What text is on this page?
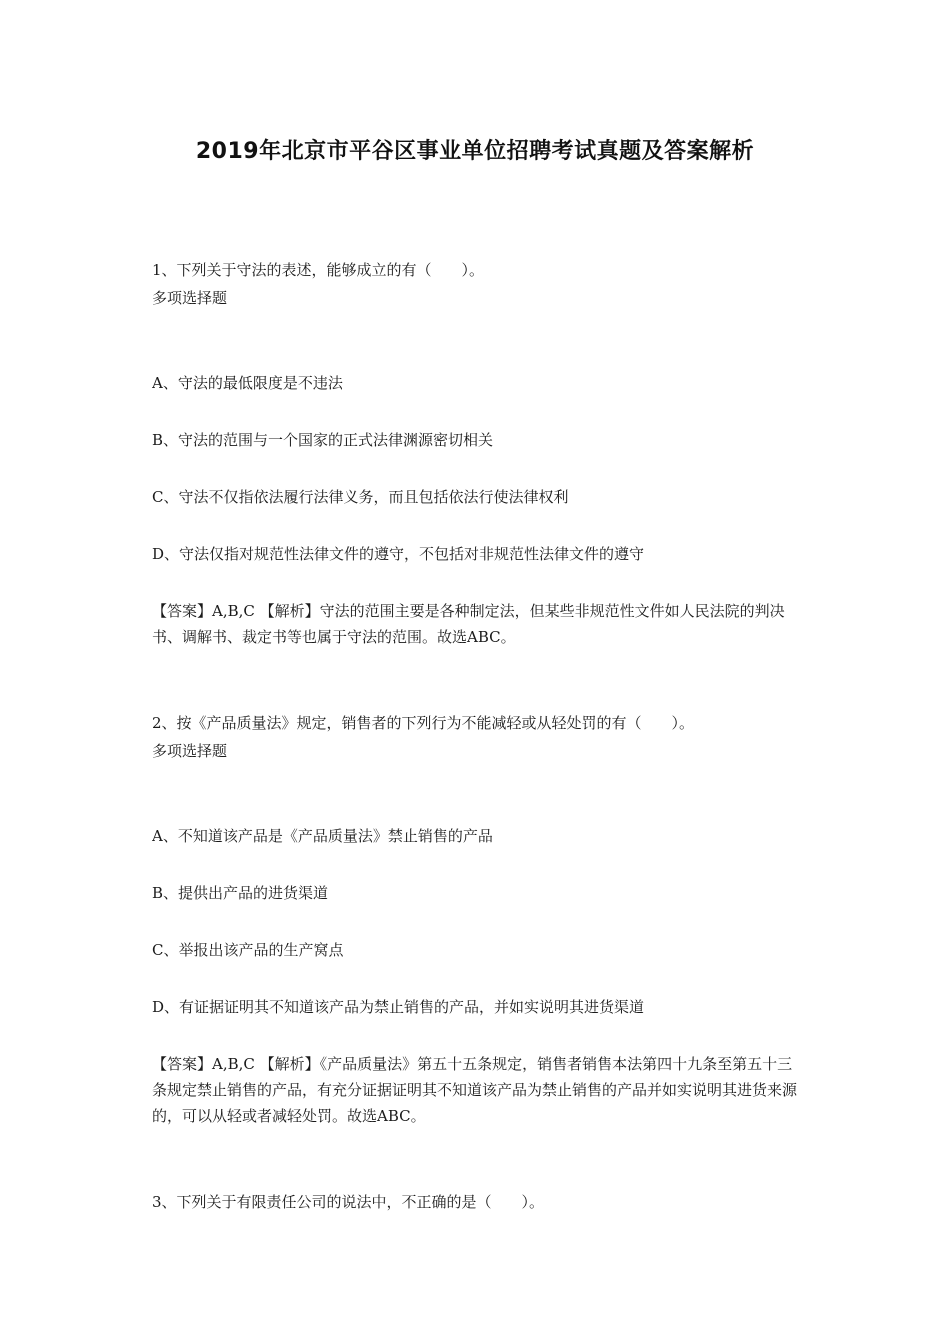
2019年北京市平谷区事业单位招聘考试真题及答案解析
1、下列关于守法的表述，能够成立的有（　　）。
多项选择题
A、守法的最低限度是不违法
B、守法的范围与一个国家的正式法律渊源密切相关
C、守法不仅指依法履行法律义务，而且包括依法行使法律权利
D、守法仅指对规范性法律文件的遵守，不包括对非规范性法律文件的遵守
【答案】A,B,C 【解析】守法的范围主要是各种制定法，但某些非规范性文件如人民法院的判决书、调解书、裁定书等也属于守法的范围。故选ABC。
2、按《产品质量法》规定，销售者的下列行为不能减轻或从轻处罚的有（　　）。
多项选择题
A、不知道该产品是《产品质量法》禁止销售的产品
B、提供出产品的进货渠道
C、举报出该产品的生产窝点
D、有证据证明其不知道该产品为禁止销售的产品，并如实说明其进货渠道
【答案】A,B,C 【解析】《产品质量法》第五十五条规定，销售者销售本法第四十九条至第五十三条规定禁止销售的产品，有充分证据证明其不知道该产品为禁止销售的产品并如实说明其进货来源的，可以从轻或者减轻处罚。故选ABC。
3、下列关于有限责任公司的说法中，不正确的是（　　）。
